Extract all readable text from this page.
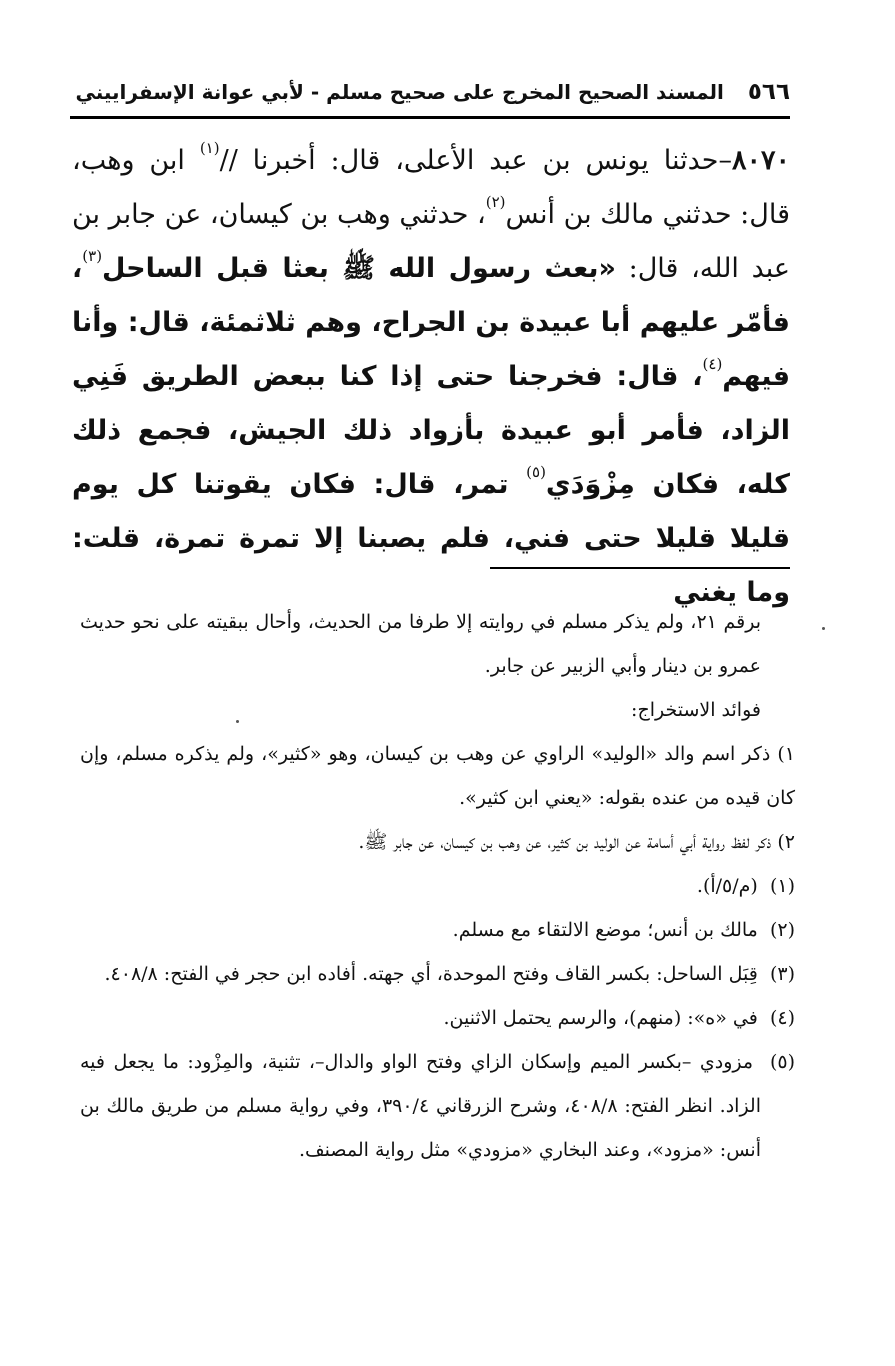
٥٦٦
المسند الصحيح المخرج على صحيح مسلم - لأبي عوانة الإسفراييني

٨٠٧٠–حدثنا يونس بن عبد الأعلى، قال: أخبرنا //$^{(١)}$ ابن وهب، قال: حدثني مالك بن أنس$^{(٢)}$، حدثني وهب بن كيسان، عن جابر بن عبد الله، قال: «بعث رسول الله ﷺ بعثا قبل الساحل$^{(٣)}$، فأمّر عليهم أبا عبيدة بن الجراح، وهم ثلاثمئة، قال: وأنا فيهم$^{(٤)}$، قال: فخرجنا حتى إذا كنا ببعض الطريق فَنِي الزاد، فأمر أبو عبيدة بأزواد ذلك الجيش، فجمع ذلك كله، فكان مِزْوَدَي$^{(٥)}$ تمر، قال: فكان يقوتنا كل يوم قليلا قليلا حتى فني، فلم يصبنا إلا تمرة تمرة، قلت: وما يغني

برقم ٢١، ولم يذكر مسلم في روايته إلا طرفا من الحديث، وأحال ببقيته على نحو حديث عمرو بن دينار وأبي الزبير عن جابر.

فوائد الاستخراج:

١) ذكر اسم والد «الوليد» الراوي عن وهب بن كيسان، وهو «كثير»، ولم يذكره مسلم، وإن كان قيده من عنده بقوله: «يعني ابن كثير».

٢) ذكر لفظ رواية أبي أسامة عن الوليد بن كثير، عن وهب بن كيسان، عن جابر ﷺ.

(١)  (م/٥/أ).

(٢)  مالك بن أنس؛ موضع الالتقاء مع مسلم.

(٣)  قِبَل الساحل: بكسر القاف وفتح الموحدة، أي جهته. أفاده ابن حجر في الفتح: ٤٠٨/٨.

(٤)  في «ه»: (منهم)، والرسم يحتمل الاثنين.

(٥)  مزودي –بكسر الميم وإسكان الزاي وفتح الواو والدال–، تثنية، والمِزْود: ما يجعل فيه الزاد. انظر الفتح: ٤٠٨/٨، وشرح الزرقاني ٣٩٠/٤، وفي رواية مسلم من طريق مالك بن أنس: «مزود»، وعند البخاري «مزودي» مثل رواية المصنف.
